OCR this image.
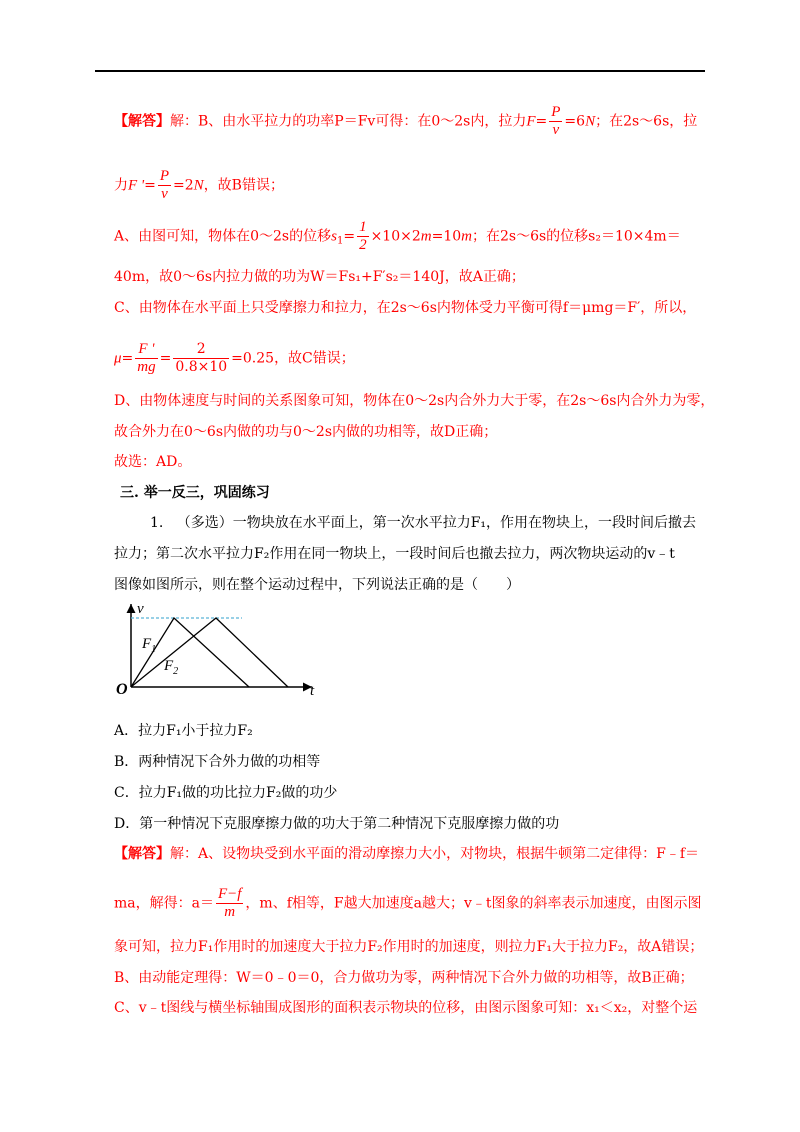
【解答】解：B、由水平拉力的功率P＝Fv可得：在0～2s内，拉力$F= \frac{P}{v} =6N$；在2s～6s，拉
力F '= $\frac{P}{v} =2N$，故B错误；
A、由图可知，物体在0～2s的位移$s_1= \frac{1}{2} \times 10\times 2m=10m$；在2s～6s的位移s₂＝10×4m＝
40m，故0～6s内拉力做的功为W＝Fs₁+F′s₂＝140J，故A正确；
C、由物体在水平面上只受摩擦力和拉力，在2s～6s内物体受力平衡可得f＝μmg＝F′，所以，
$\mu= \frac{F '}{mg} = \frac{2}{0.8\times 10} =0.25$，故C错误；
D、由物体速度与时间的关系图象可知，物体在0～2s内合外力大于零，在2s～6s内合外力为零，
故合外力在0～6s内做的功与0～2s内做的功相等，故D正确；
故选：AD。
三. 举一反三，巩固练习
1. （多选）一物块放在水平面上，第一次水平拉力F₁，作用在物块上，一段时间后撤去
拉力；第二次水平拉力F₂作用在同一物块上，一段时间后也撤去拉力，两次物块运动的v﹣t
图像如图所示，则在整个运动过程中，下列说法正确的是（　　）
v
t
O
$F_1$
$F_2$
A．拉力F₁小于拉力F₂
B．两种情况下合外力做的功相等
C．拉力F₁做的功比拉力F₂做的功少
D．第一种情况下克服摩擦力做的功大于第二种情况下克服摩擦力做的功
【解答】解：A、设物块受到水平面的滑动摩擦力大小，对物块，根据牛顿第二定律得：F﹣f＝
ma，解得：$a= \frac{F-f}{m}$ ，m、f相等，F越大加速度a越大；v﹣t图象的斜率表示加速度，由图示图
象可知，拉力F₁作用时的加速度大于拉力F₂作用时的加速度，则拉力F₁大于拉力F₂，故A错误；
B、由动能定理得：W＝0﹣0＝0，合力做功为零，两种情况下合外力做的功相等，故B正确；
C、v﹣t图线与横坐标轴围成图形的面积表示物块的位移，由图示图象可知：x₁＜x₂，对整个运
